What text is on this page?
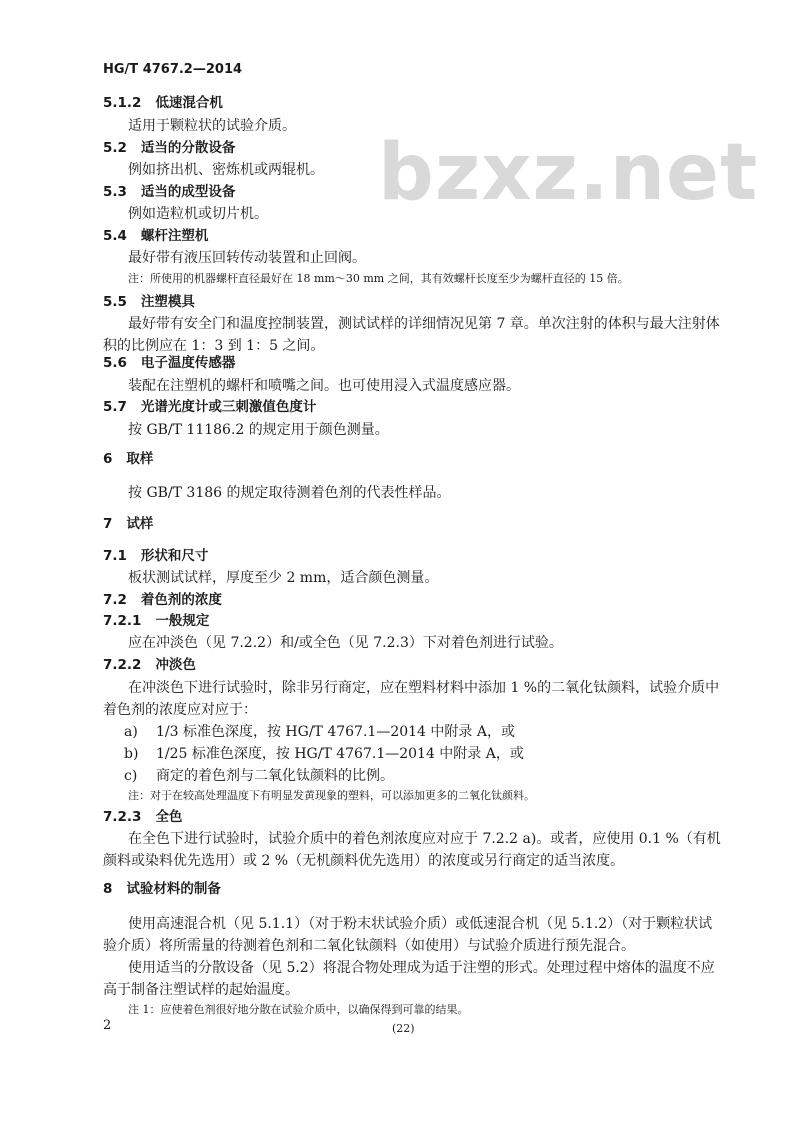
HG/T 4767.2—2014
bzxz.net
5.1.2 低速混合机
适用于颗粒状的试验介质。
5.2 适当的分散设备
例如挤出机、密炼机或两辊机。
5.3 适当的成型设备
例如造粒机或切片机。
5.4 螺杆注塑机
最好带有液压回转传动装置和止回阀。
注：所使用的机器螺杆直径最好在 18 mm～30 mm 之间，其有效螺杆长度至少为螺杆直径的 15 倍。
5.5 注塑模具
最好带有安全门和温度控制装置，测试试样的详细情况见第 7 章。单次注射的体积与最大注射体
积的比例应在 1：3 到 1：5 之间。
5.6 电子温度传感器
装配在注塑机的螺杆和喷嘴之间。也可使用浸入式温度感应器。
5.7 光谱光度计或三刺激值色度计
按 GB/T 11186.2 的规定用于颜色测量。
6 取样
按 GB/T 3186 的规定取待测着色剂的代表性样品。
7 试样
7.1 形状和尺寸
板状测试试样，厚度至少 2 mm，适合颜色测量。
7.2 着色剂的浓度
7.2.1 一般规定
应在冲淡色（见 7.2.2）和/或全色（见 7.2.3）下对着色剂进行试验。
7.2.2 冲淡色
在冲淡色下进行试验时，除非另行商定，应在塑料材料中添加 1 %的二氧化钛颜料，试验介质中
着色剂的浓度应对应于：
a) 1/3 标准色深度，按 HG/T 4767.1—2014 中附录 A，或
b) 1/25 标准色深度，按 HG/T 4767.1—2014 中附录 A，或
c) 商定的着色剂与二氧化钛颜料的比例。
注：对于在较高处理温度下有明显发黄现象的塑料，可以添加更多的二氧化钛颜料。
7.2.3 全色
在全色下进行试验时，试验介质中的着色剂浓度应对应于 7.2.2 a)。或者，应使用 0.1 %（有机
颜料或染料优先选用）或 2 %（无机颜料优先选用）的浓度或另行商定的适当浓度。
8 试验材料的制备
使用高速混合机（见 5.1.1）（对于粉末状试验介质）或低速混合机（见 5.1.2）（对于颗粒状试
验介质）将所需量的待测着色剂和二氧化钛颜料（如使用）与试验介质进行预先混合。
使用适当的分散设备（见 5.2）将混合物处理成为适于注塑的形式。处理过程中熔体的温度不应
高于制备注塑试样的起始温度。
注 1：应使着色剂很好地分散在试验介质中，以确保得到可靠的结果。
2	(22)
